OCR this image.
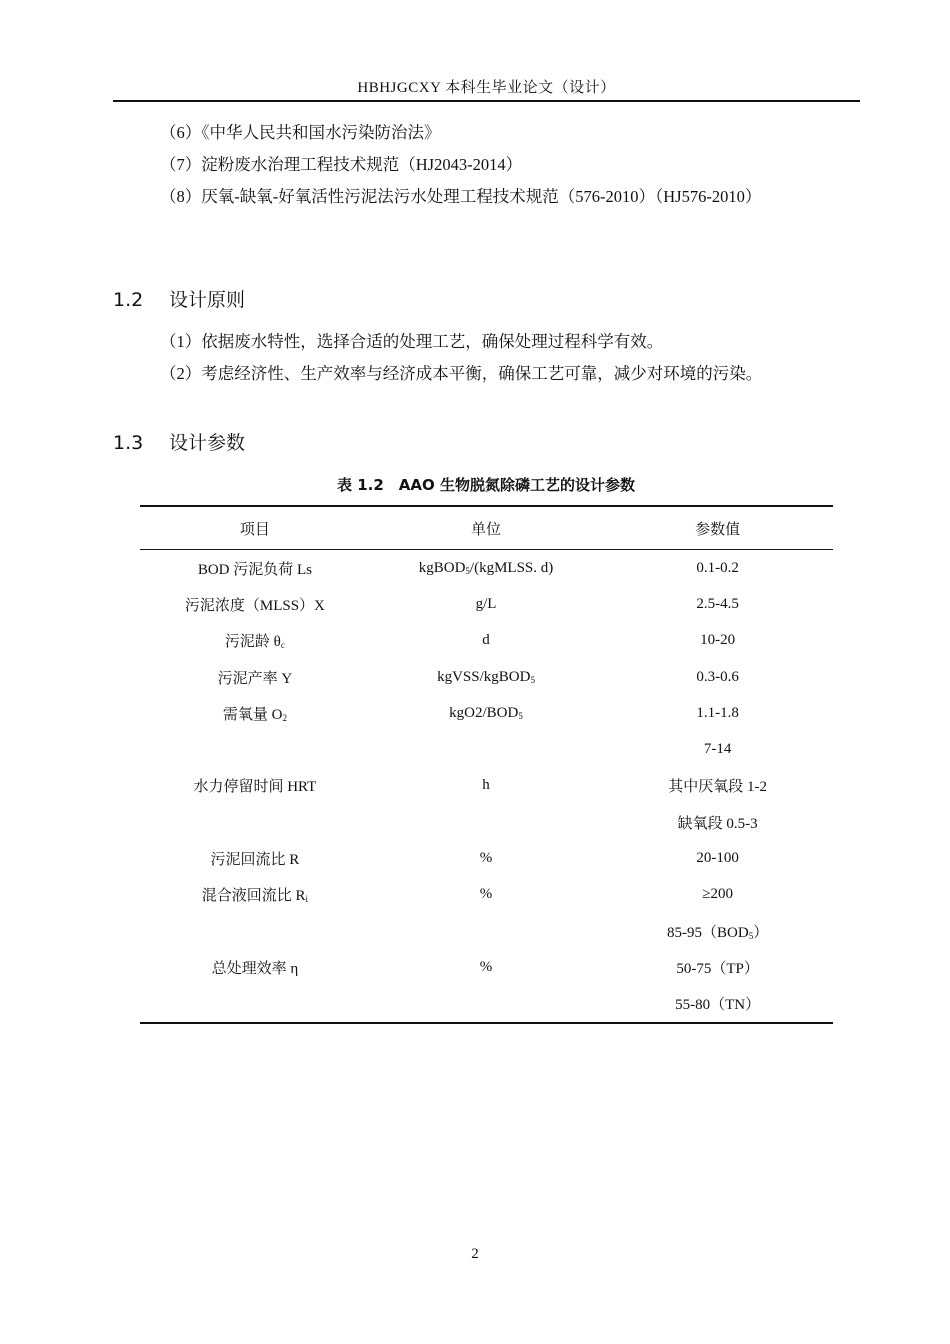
HBHJGCXY 本科生毕业论文（设计）
（6）《中华人民共和国水污染防治法》
（7）淀粉废水治理工程技术规范（HJ2043-2014）
（8）厌氧-缺氧-好氧活性污泥法污水处理工程技术规范（576-2010）（HJ576-2010）
1.2 设计原则
（1）依据废水特性，选择合适的处理工艺，确保处理过程科学有效。
（2）考虑经济性、生产效率与经济成本平衡，确保工艺可靠，减少对环境的污染。
1.3 设计参数
表 1.2　AAO 生物脱氮除磷工艺的设计参数
项目	单位	参数值
BOD 污泥负荷 Ls	kgBOD$_5$/(kgMLSS. d)	0.1-0.2
污泥浓度（MLSS）X	g/L	2.5-4.5
污泥龄 $\theta_c$	d	10-20
污泥产率 Y	kgVSS/kgBOD$_5$	0.3-0.6
需氧量 $O_2$	$kgO2/BOD_5$	1.1-1.8
水力停留时间 HRT	h	7-14
		其中厌氧段 1-2
		缺氧段 0.5-3
污泥回流比 R	%	20-100
混合液回流比 $R_i$	%	≥200
总处理效率 η	%	$85-95(BOD_5)$
		50-75（TP）
		55-80（TN）
2
